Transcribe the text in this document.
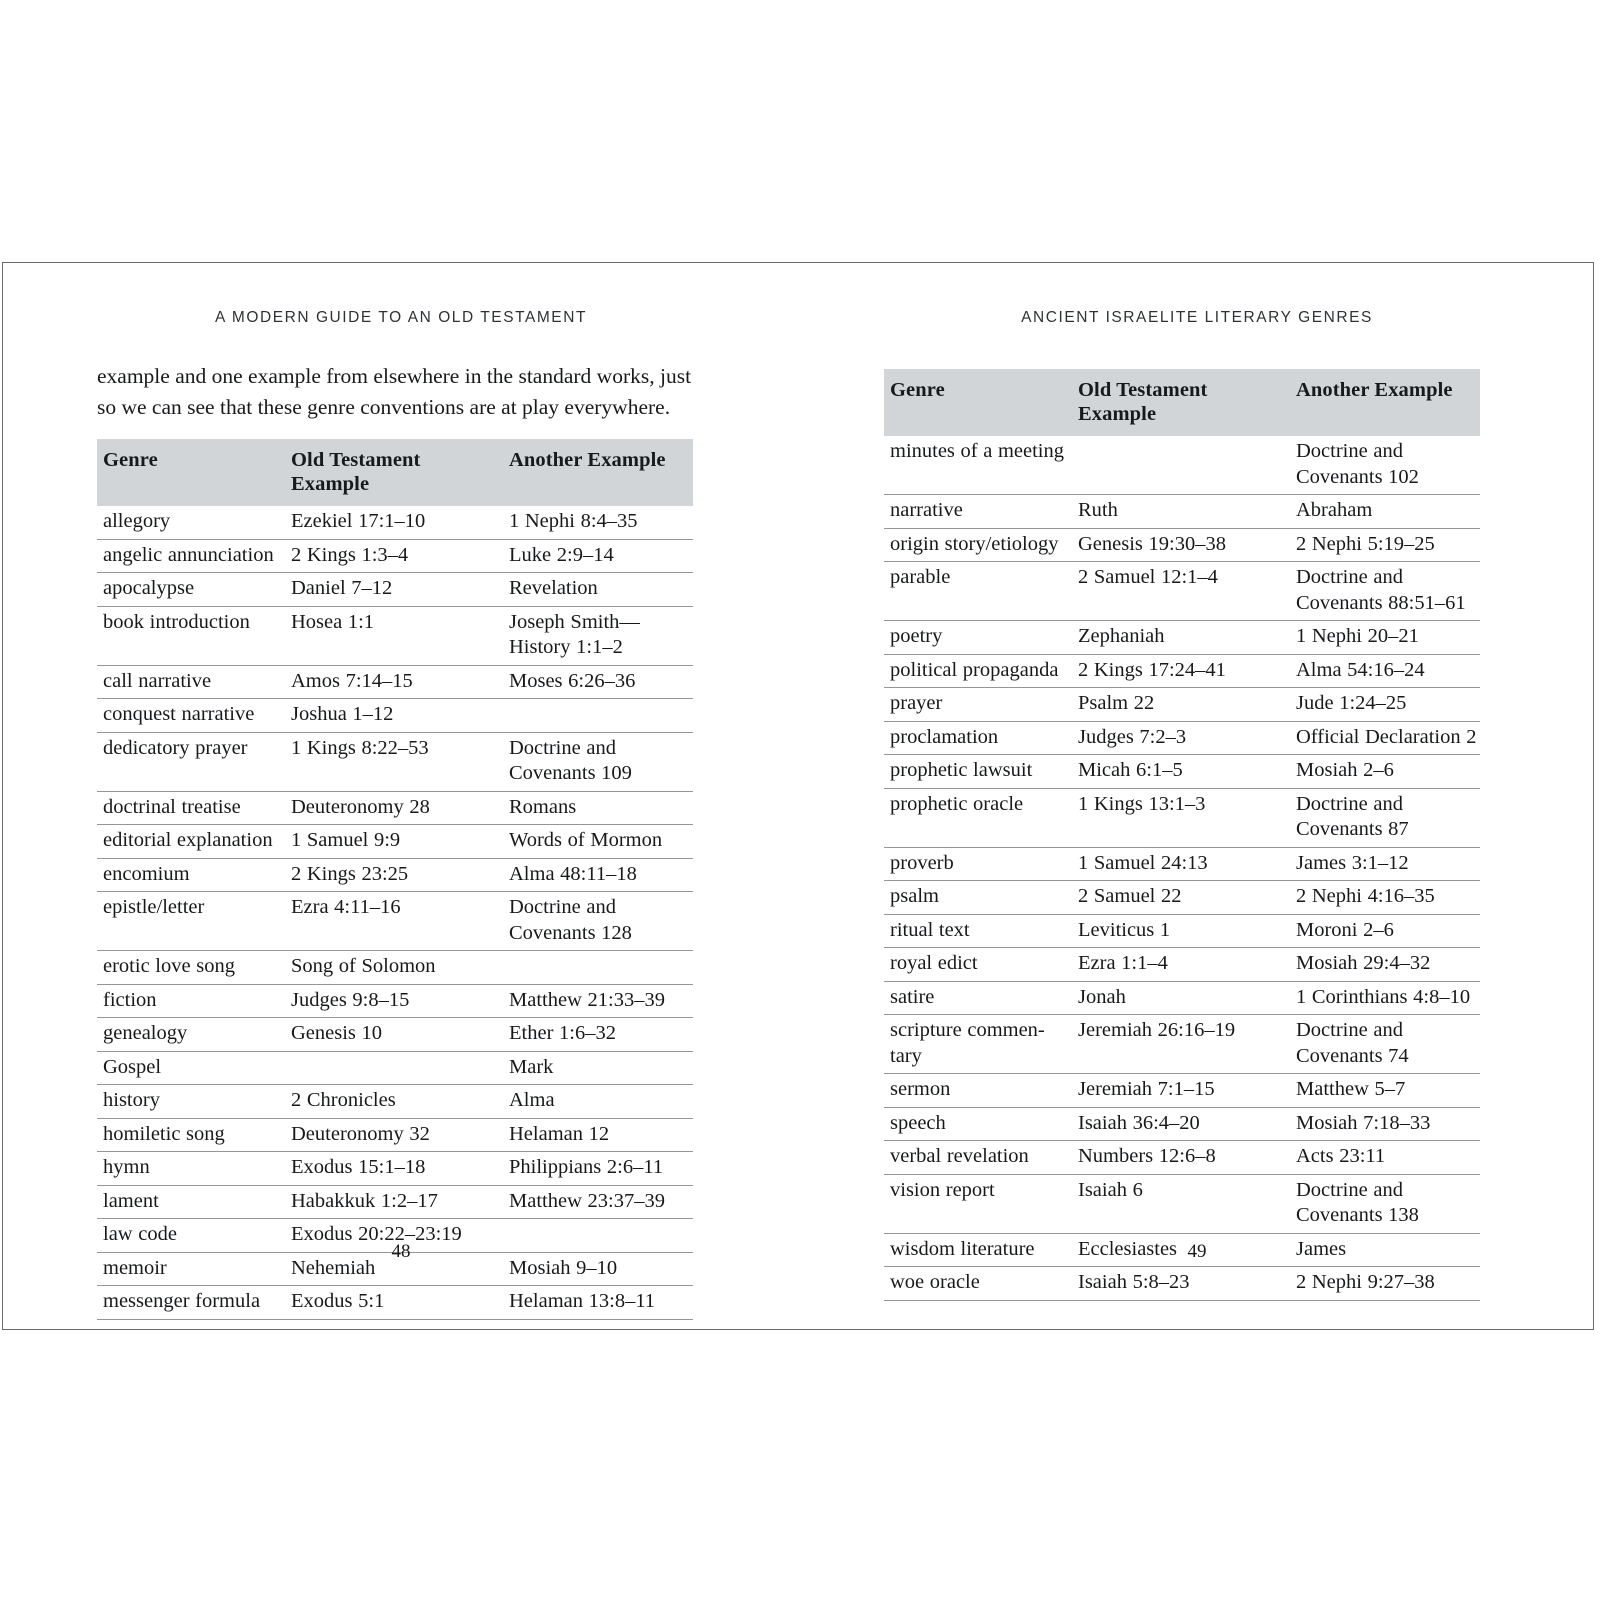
A MODERN GUIDE TO AN OLD TESTAMENT
example and one example from elsewhere in the standard works, just so we can see that these genre conventions are at play everywhere.
Genre	Old Testament Example	Another Example

allegory	Ezekiel 17:1–10	1 Nephi 8:4–35

angelic annunciation	2 Kings 1:3–4	Luke 2:9–14

apocalypse	Daniel 7–12	Revelation

book introduction	Hosea 1:1	Joseph Smith—
History 1:1–2

call narrative	Amos 7:14–15	Moses 6:26–36

conquest narrative	Joshua 1–12	

dedicatory prayer	1 Kings 8:22–53	Doctrine and
Covenants 109

doctrinal treatise	Deuteronomy 28	Romans

editorial explanation	1 Samuel 9:9	Words of Mormon

encomium	2 Kings 23:25	Alma 48:11–18

epistle/letter	Ezra 4:11–16	Doctrine and
Covenants 128

erotic love song	Song of Solomon	

fiction	Judges 9:8–15	Matthew 21:33–39

genealogy	Genesis 10	Ether 1:6–32

Gospel		Mark

history	2 Chronicles	Alma

homiletic song	Deuteronomy 32	Helaman 12

hymn	Exodus 15:1–18	Philippians 2:6–11

lament	Habakkuk 1:2–17	Matthew 23:37–39

law code	Exodus 20:22–23:19	

memoir	Nehemiah	Mosiah 9–10

messenger formula	Exodus 5:1	Helaman 13:8–11
48
ANCIENT ISRAELITE LITERARY GENRES
Genre	Old Testament Example	Another Example

minutes of a meeting		Doctrine and
Covenants 102

narrative	Ruth	Abraham

origin story/etiology	Genesis 19:30–38	2 Nephi 5:19–25

parable	2 Samuel 12:1–4	Doctrine and
Covenants 88:51–61

poetry	Zephaniah	1 Nephi 20–21

political propaganda	2 Kings 17:24–41	Alma 54:16–24

prayer	Psalm 22	Jude 1:24–25

proclamation	Judges 7:2–3	Official Declaration 2

prophetic lawsuit	Micah 6:1–5	Mosiah 2–6

prophetic oracle	1 Kings 13:1–3	Doctrine and
Covenants 87

proverb	1 Samuel 24:13	James 3:1–12

psalm	2 Samuel 22	2 Nephi 4:16–35

ritual text	Leviticus 1	Moroni 2–6

royal edict	Ezra 1:1–4	Mosiah 29:4–32

satire	Jonah	1 Corinthians 4:8–10

scripture commen-
tary	Jeremiah 26:16–19	Doctrine and
Covenants 74

sermon	Jeremiah 7:1–15	Matthew 5–7

speech	Isaiah 36:4–20	Mosiah 7:18–33

verbal revelation	Numbers 12:6–8	Acts 23:11

vision report	Isaiah 6	Doctrine and
Covenants 138

wisdom literature	Ecclesiastes	James

woe oracle	Isaiah 5:8–23	2 Nephi 9:27–38
49
